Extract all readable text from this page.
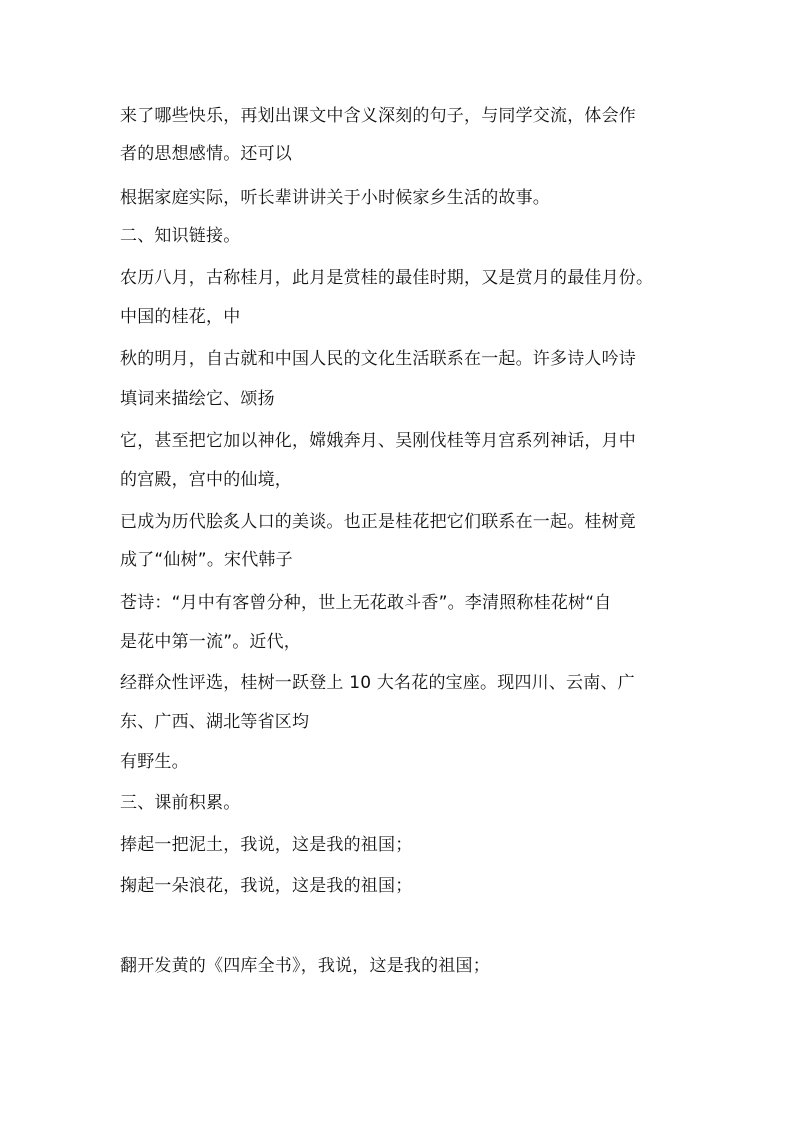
来了哪些快乐，再划出课文中含义深刻的句子，与同学交流，体会作
者的思想感情。还可以
根据家庭实际，听长辈讲讲关于小时候家乡生活的故事。
二、知识链接。
农历八月，古称桂月，此月是赏桂的最佳时期，又是赏月的最佳月份。
中国的桂花，中
秋的明月，自古就和中国人民的文化生活联系在一起。许多诗人吟诗
填词来描绘它、颂扬
它，甚至把它加以神化，嫦娥奔月、吴刚伐桂等月宫系列神话，月中
的宫殿，宫中的仙境，
已成为历代脍炙人口的美谈。也正是桂花把它们联系在一起。桂树竟
成了“仙树”。宋代韩子
苍诗：“月中有客曾分种，世上无花敢斗香”。李清照称桂花树“自
是花中第一流”。近代，
经群众性评选，桂树一跃登上 10 大名花的宝座。现四川、云南、广
东、广西、湖北等省区均
有野生。
三、课前积累。
捧起一把泥土，我说，这是我的祖国；
掬起一朵浪花，我说，这是我的祖国；
翻开发黄的《四库全书》，我说，这是我的祖国；
